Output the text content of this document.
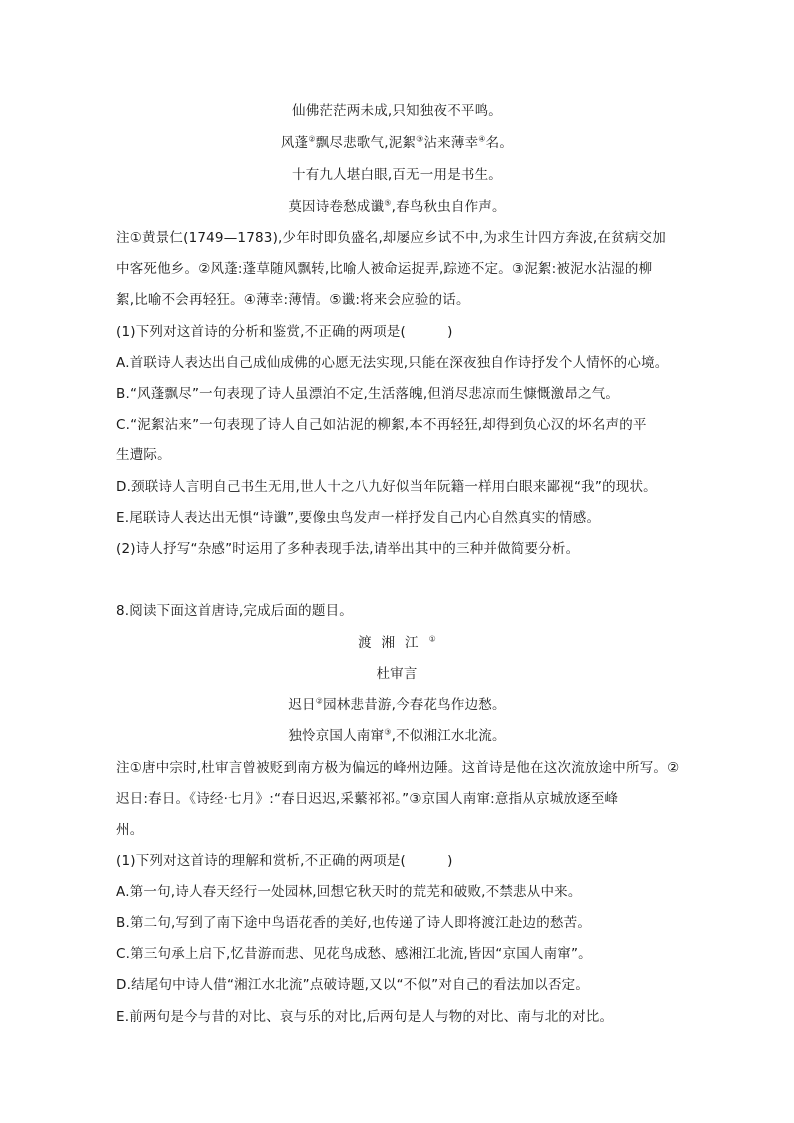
仙佛茫茫两未成,只知独夜不平鸣。
风蓬②飘尽悲歌气,泥絮③沾来薄幸④名。
十有九人堪白眼,百无一用是书生。
莫因诗卷愁成谶⑤,春鸟秋虫自作声。
注①黄景仁(1749—1783),少年时即负盛名,却屡应乡试不中,为求生计四方奔波,在贫病交加
中客死他乡。②风蓬:蓬草随风飘转,比喻人被命运捉弄,踪迹不定。③泥絮:被泥水沾湿的柳
絮,比喻不会再轻狂。④薄幸:薄情。⑤谶:将来会应验的话。
(1)下列对这首诗的分析和鉴赏,不正确的两项是(　　　)
A.首联诗人表达出自己成仙成佛的心愿无法实现,只能在深夜独自作诗抒发个人情怀的心境。
B.“风蓬飘尽”一句表现了诗人虽漂泊不定,生活落魄,但消尽悲凉而生慷慨激昂之气。
C.“泥絮沾来”一句表现了诗人自己如沾泥的柳絮,本不再轻狂,却得到负心汉的坏名声的平
生遭际。
D.颈联诗人言明自己书生无用,世人十之八九好似当年阮籍一样用白眼来鄙视“我”的现状。
E.尾联诗人表达出无惧“诗谶”,要像虫鸟发声一样抒发自己内心自然真实的情感。
(2)诗人抒写“杂感”时运用了多种表现手法,请举出其中的三种并做简要分析。
8.阅读下面这首唐诗,完成后面的题目。
渡湘江①
杜审言
迟日②园林悲昔游,今春花鸟作边愁。
独怜京国人南窜③,不似湘江水北流。
注①唐中宗时,杜审言曾被贬到南方极为偏远的峰州边陲。这首诗是他在这次流放途中所写。②
迟日:春日。《诗经·七月》:“春日迟迟,采蘩祁祁。”③京国人南窜:意指从京城放逐至峰
州。
(1)下列对这首诗的理解和赏析,不正确的两项是(　　　)
A.第一句,诗人春天经行一处园林,回想它秋天时的荒芜和破败,不禁悲从中来。
B.第二句,写到了南下途中鸟语花香的美好,也传递了诗人即将渡江赴边的愁苦。
C.第三句承上启下,忆昔游而悲、见花鸟成愁、感湘江北流,皆因“京国人南窜”。
D.结尾句中诗人借“湘江水北流”点破诗题,又以“不似”对自己的看法加以否定。
E.前两句是今与昔的对比、哀与乐的对比,后两句是人与物的对比、南与北的对比。
